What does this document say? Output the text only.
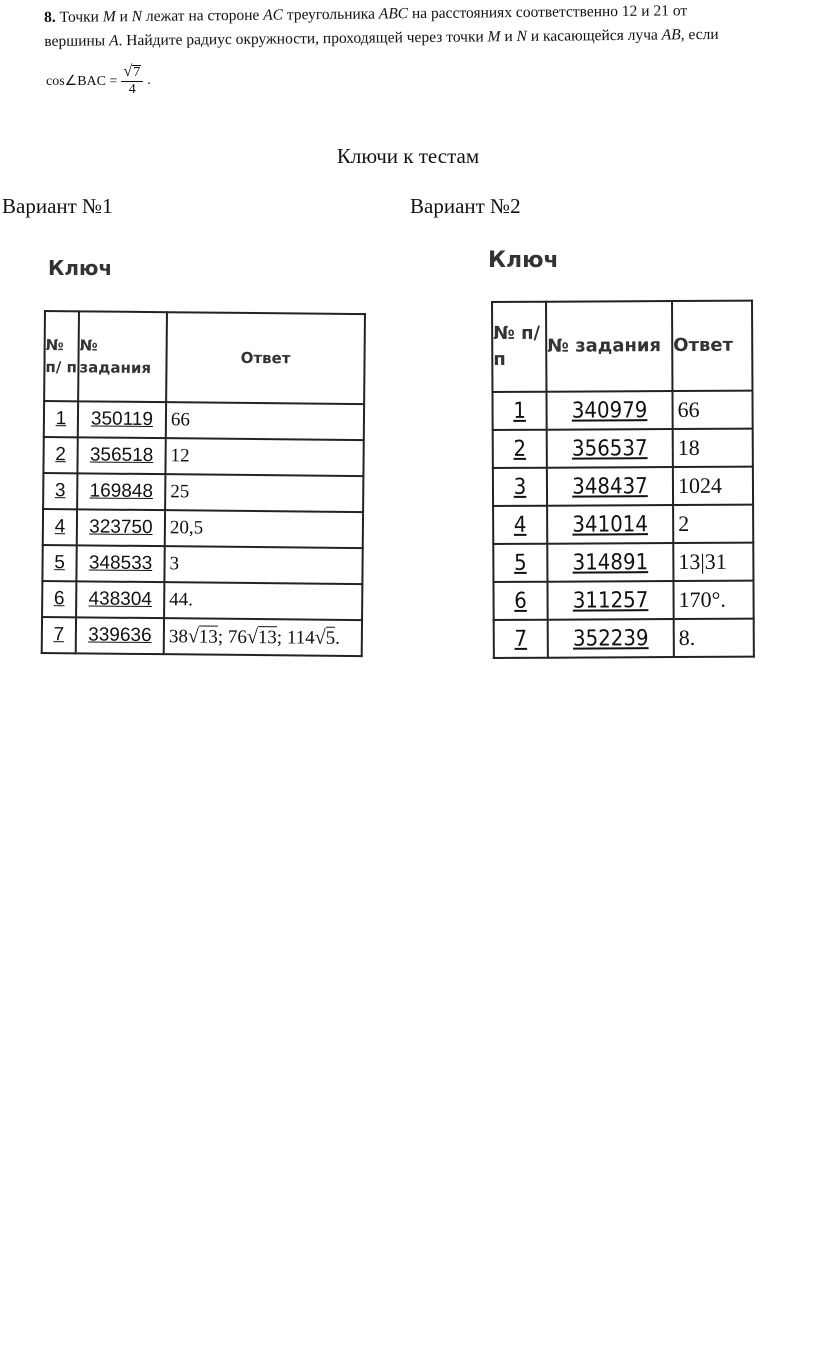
8. Точки M и N лежат на стороне AC треугольника ABC на расстояниях соответственно 12 и 21 от
вершины A. Найдите радиус окружности, проходящей через точки M и N и касающейся луча AB, если
cos∠BAC = $\frac{√ 7}{4}$ .
Ключи к тестам
Вариант №1	Вариант №2
Ключ	Ключ
№ п/ п	№ задания	Ответ
1	350119	66
2	356518	12
3	169848	25
4	323750	20,5
5	348533	3
6	438304	44.
7	339636	38√13; 76√13; 114√5.
№ п/ п	№ задания	Ответ
1	340979	66
2	356537	18
3	348437	1024
4	341014	2
5	314891	13|31
6	311257	170°.
7	352239	8.
